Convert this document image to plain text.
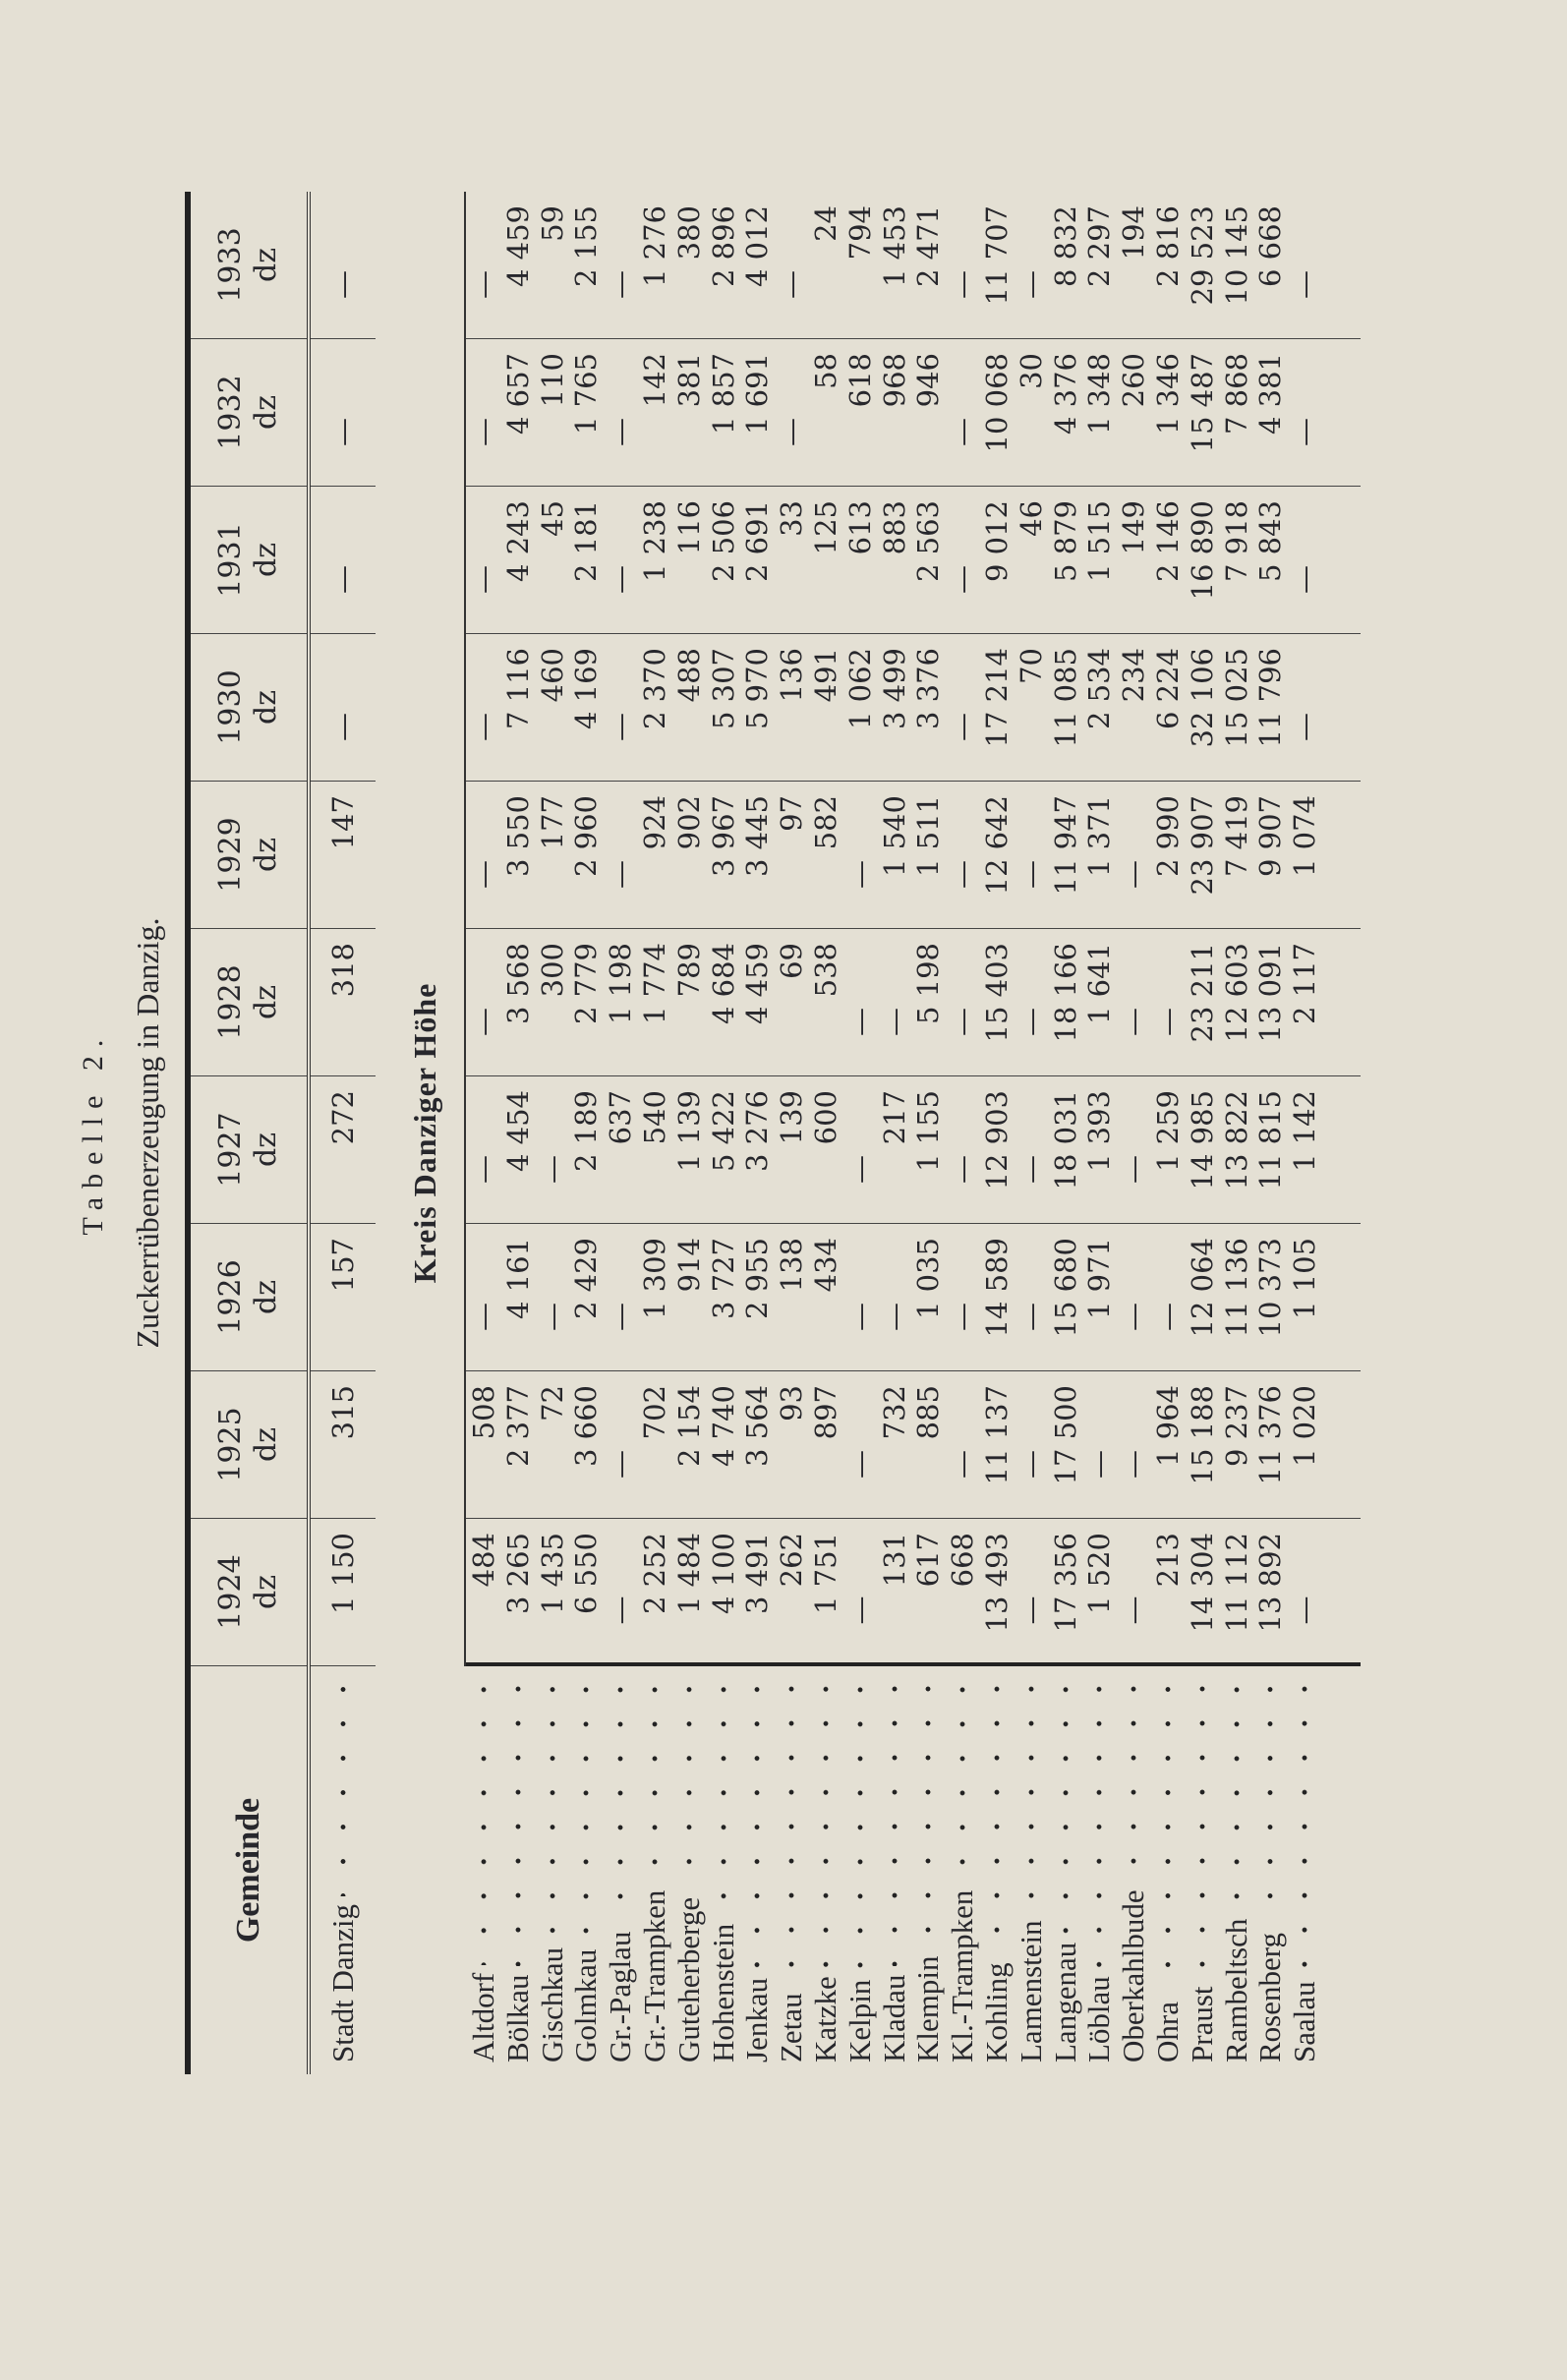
Tabelle 2. Zuckerrübenerzeugung in Danzig.
Gemeinde
1924 dz
1925 dz
1926 dz
1927 dz
1928 dz
1929 dz
1930 dz
1931 dz
1932 dz
1933 dz
Stadt Danzig
1 150
315
157
272
318
147
—
—
—
—
Kreis Danziger Höhe
Altdorf
484
508
—
—
—
—
—
—
—
—
Bölkau
3 265
2 377
4 161
4 454
3 568
3 550
7 116
4 243
4 657
4 459
Gischkau
1 435
72
—
—
300
177
460
45
110
59
Golmkau
6 550
3 660
2 429
2 189
2 779
2 960
4 169
2 181
1 765
2 155
Gr.-Paglau
—
—
—
637
1 198
—
—
—
—
—
Gr.-Trampken
2 252
702
1 309
540
1 774
924
2 370
1 238
142
1 276
Guteherberge
1 484
2 154
914
1 139
789
902
488
116
381
380
Hohenstein
4 100
4 740
3 727
5 422
4 684
3 967
5 307
2 506
1 857
2 896
Jenkau
3 491
3 564
2 955
3 276
4 459
3 445
5 970
2 691
1 691
4 012
Zetau
262
93
138
139
69
97
136
33
—
—
Katzke
1 751
897
434
600
538
582
491
125
58
24
Kelpin
—
—
—
—
—
—
1 062
613
618
794
Kladau
131
732
—
217
—
1 540
3 499
883
968
1 453
Klempin
617
885
1 035
1 155
5 198
1 511
3 376
2 563
946
2 471
Kl.-Trampken
668
—
—
—
—
—
—
—
—
—
Kohling
13 493
11 137
14 589
12 903
15 403
12 642
17 214
9 012
10 068
11 707
Lamenstein
—
—
—
—
—
—
70
46
30
—
Langenau
17 356
17 500
15 680
18 031
18 166
11 947
11 085
5 879
4 376
8 832
Löblau
1 520
—
1 971
1 393
1 641
1 371
2 534
1 515
1 348
2 297
Oberkahlbude
—
—
—
—
—
—
234
149
260
194
Ohra
213
1 964
—
1 259
—
2 990
6 224
2 146
1 346
2 816
Praust
14 304
15 188
12 064
14 985
23 211
23 907
32 106
16 890
15 487
29 523
Rambeltsch
11 112
9 237
11 136
13 822
12 603
7 419
15 025
7 918
7 868
10 145
Rosenberg
13 892
11 376
10 373
11 815
13 091
9 907
11 796
5 843
4 381
6 668
Saalau
—
1 020
1 105
1 142
2 117
1 074
—
—
—
—
